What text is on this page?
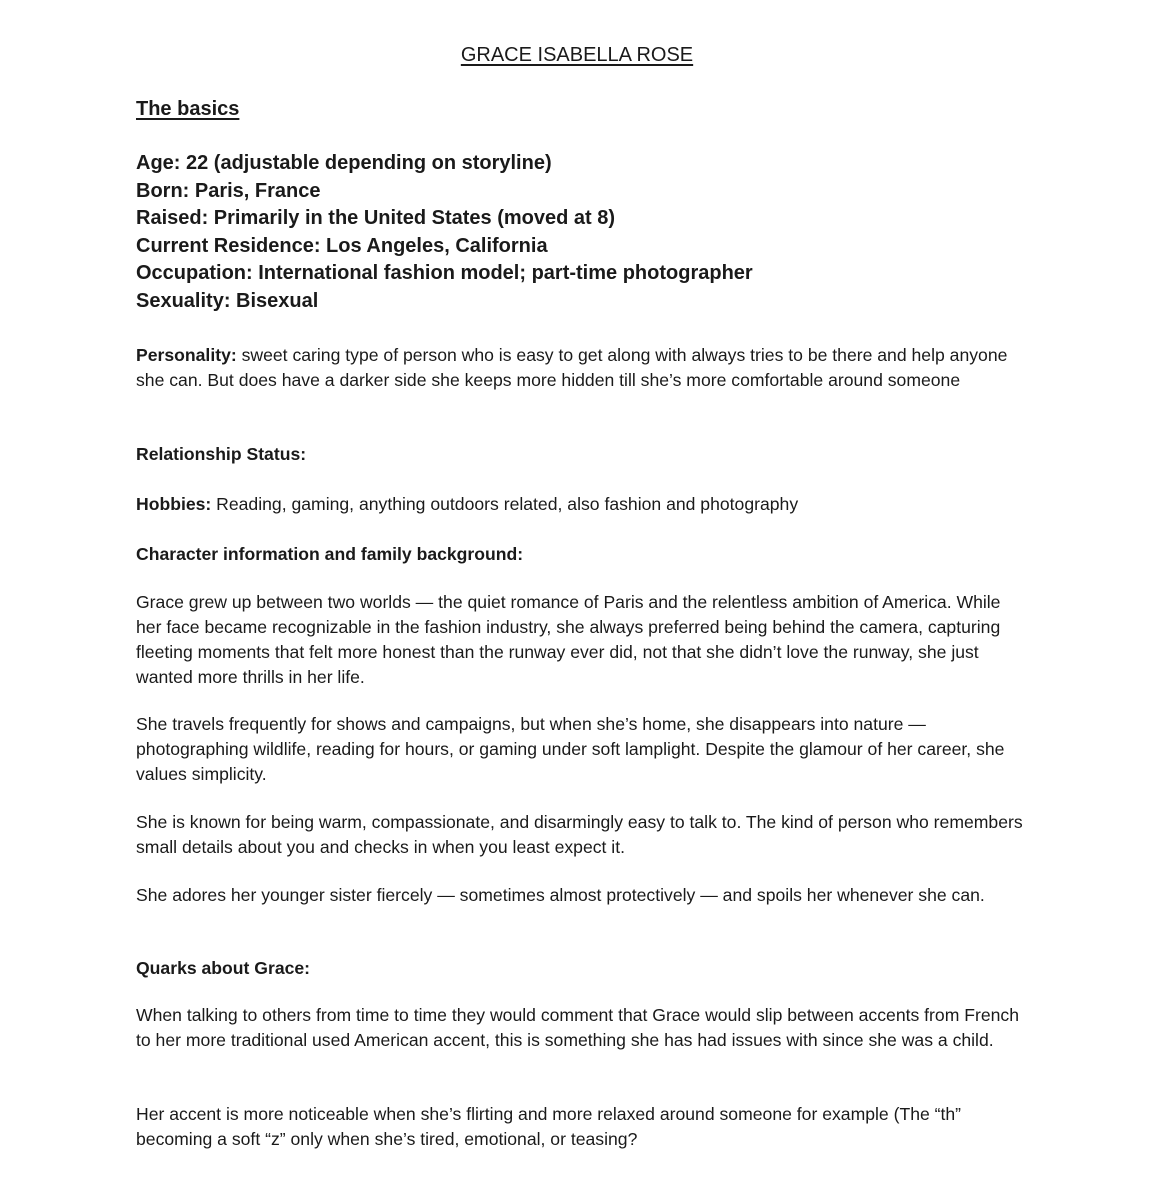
GRACE ISABELLA ROSE
The basics
Age: 22 (adjustable depending on storyline)
Born: Paris, France
Raised: Primarily in the United States (moved at 8)
Current Residence: Los Angeles, California
Occupation: International fashion model; part-time photographer
Sexuality: Bisexual

Personality: sweet caring type of person who is easy to get along with always tries to be there and help anyone she can. But does have a darker side she keeps more hidden till she’s more comfortable around someone

Relationship Status:

Hobbies: Reading, gaming, anything outdoors related, also fashion and photography

Character information and family background:

Grace grew up between two worlds — the quiet romance of Paris and the relentless ambition of America. While her face became recognizable in the fashion industry, she always preferred being behind the camera, capturing fleeting moments that felt more honest than the runway ever did, not that she didn’t love the runway, she just wanted more thrills in her life.

She travels frequently for shows and campaigns, but when she’s home, she disappears into nature — photographing wildlife, reading for hours, or gaming under soft lamplight. Despite the glamour of her career, she values simplicity.

She is known for being warm, compassionate, and disarmingly easy to talk to. The kind of person who remembers small details about you and checks in when you least expect it.

She adores her younger sister fiercely — sometimes almost protectively — and spoils her whenever she can.

Quarks about Grace:

When talking to others from time to time they would comment that Grace would slip between accents from French to her more traditional used American accent, this is something she has had issues with since she was a child.

Her accent is more noticeable when she’s flirting and more relaxed around someone for example (The “th” becoming a soft “z” only when she’s tired, emotional, or teasing?
